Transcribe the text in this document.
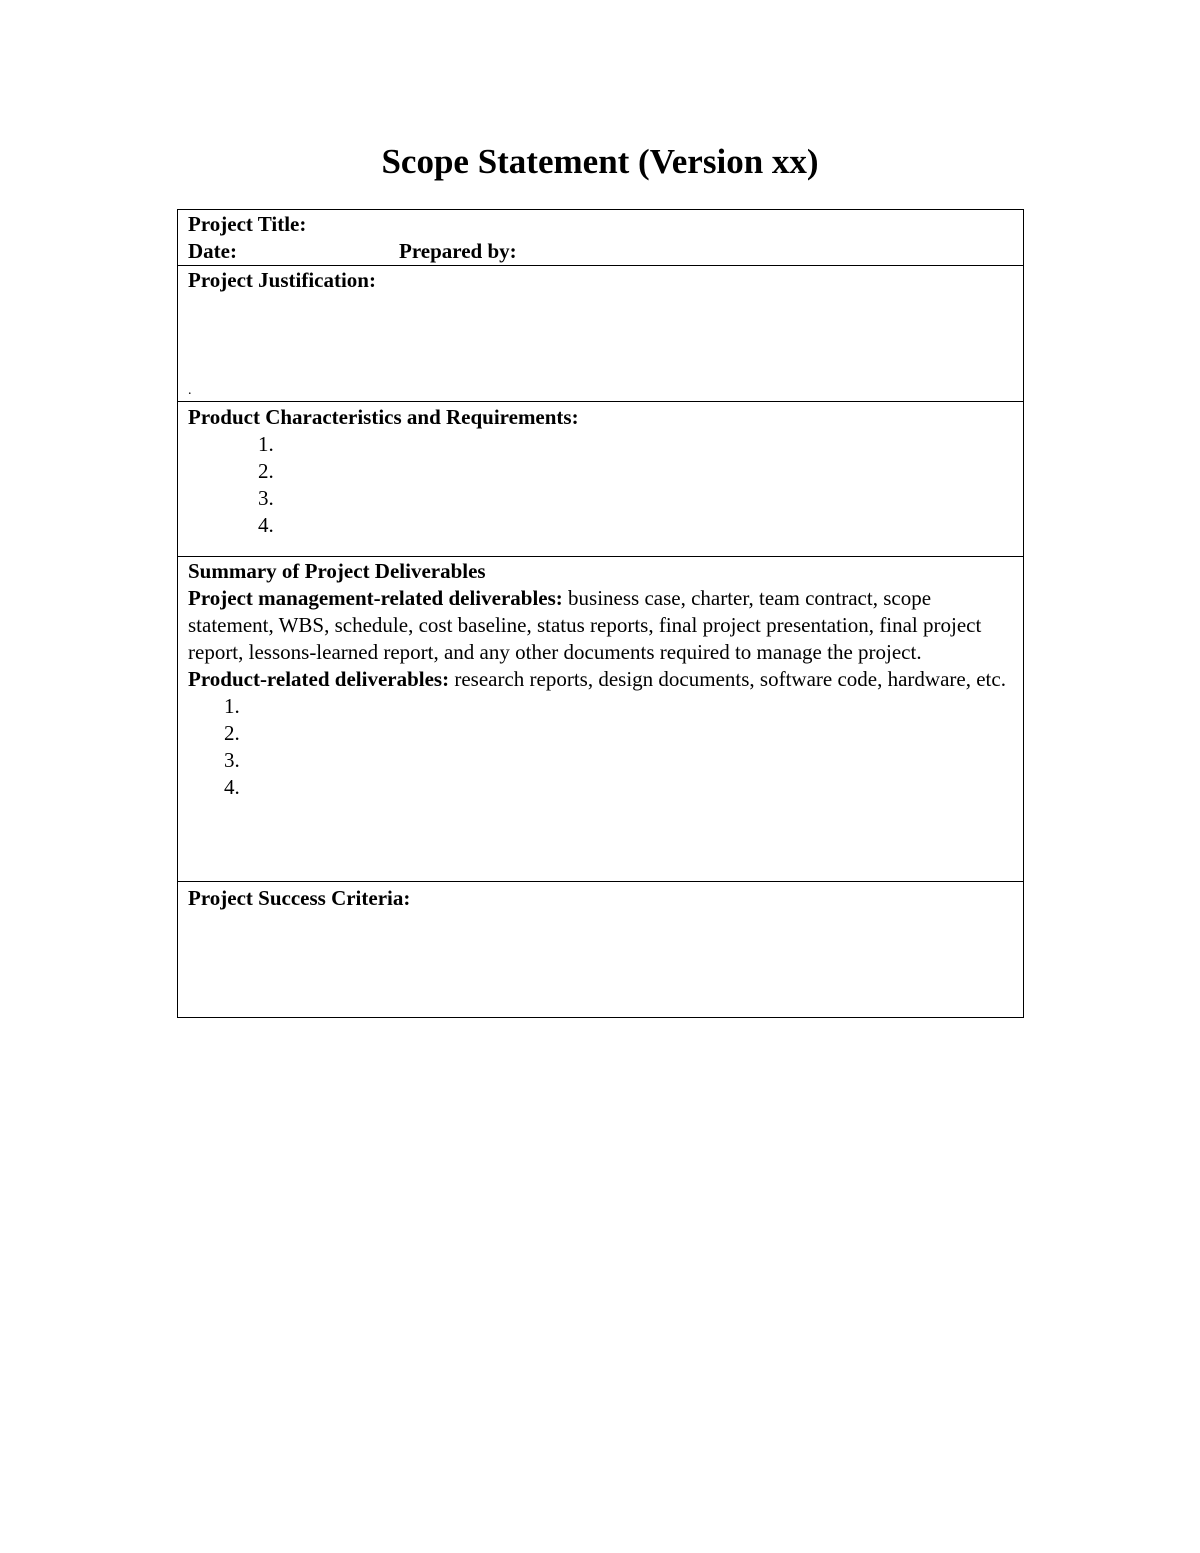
Scope Statement (Version xx)
Project Title:
Date:	Prepared by:
Project Justification:
.
Product Characteristics and Requirements:
1.
2.
3.
4.
Summary of Project Deliverables
Project management-related deliverables: business case, charter, team contract, scope statement, WBS, schedule, cost baseline, status reports, final project presentation, final project report, lessons-learned report, and any other documents required to manage the project.
Product-related deliverables: research reports, design documents, software code, hardware, etc.
1.
2.
3.
4.
Project Success Criteria:
